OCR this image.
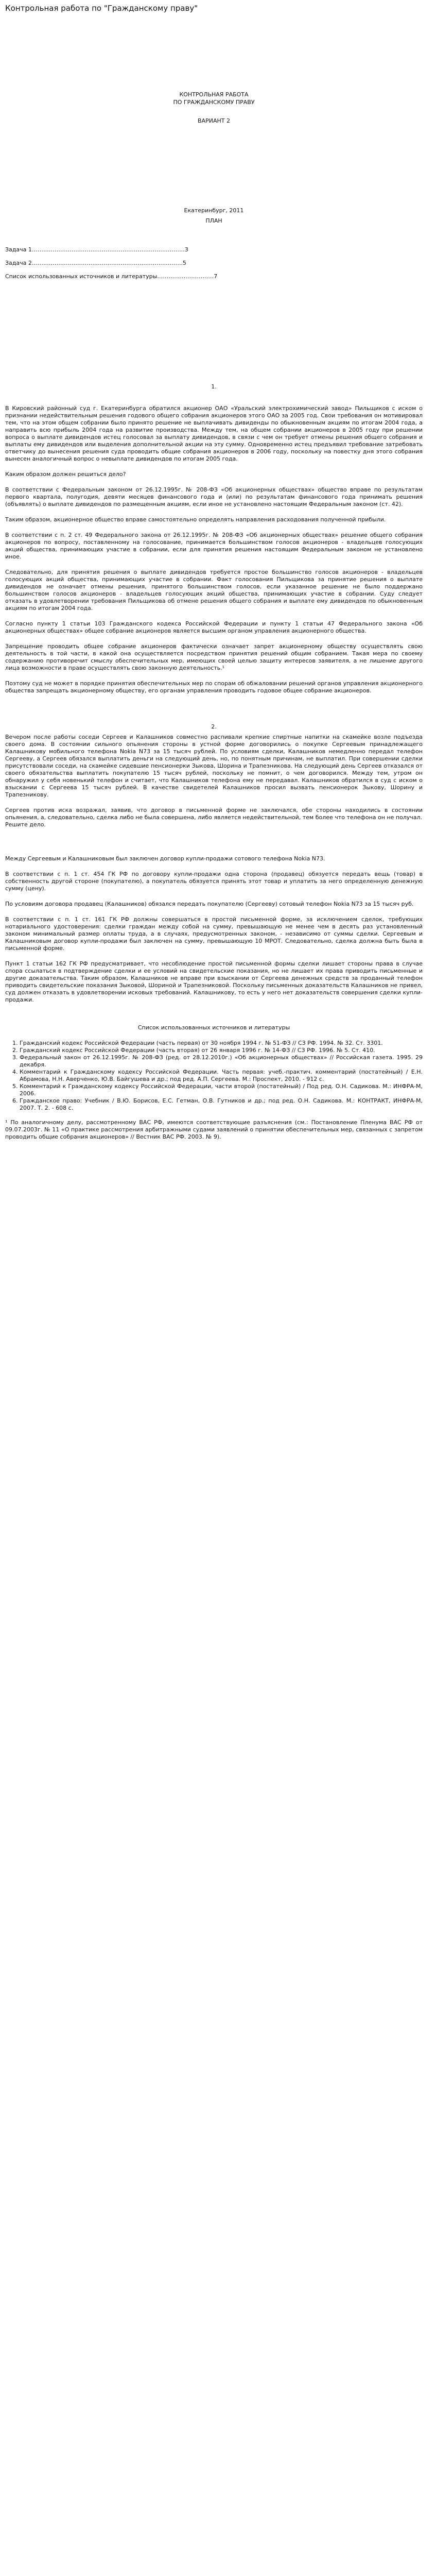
Контрольная работа по "Гражданскому праву"
КОНТРОЛЬНАЯ РАБОТА
ПО ГРАЖДАНСКОМУ ПРАВУ
ВАРИАНТ 2
Екатеринбург, 2011
ПЛАН
Задача 1………………………………………………………………………3
Задача 2……………………………………………………………………..5
Список использованных источников и литературы…………………………7
1.

В Кировский районный суд г. Екатеринбурга обратился акционер ОАО «Уральский электрохимический завод» Пильщиков с иском о признании недействительным решения годового общего собрания акционеров этого ОАО за 2005 год. Свои требования он мотивировал тем, что на этом общем собрании было принято решение не выплачивать дивиденды по обыкновенным акциям по итогам 2004 года, а направить всю прибыль 2004 года на развитие производства. Между тем, на общем собрании акционеров в 2005 году при решении вопроса о выплате дивидендов истец голосовал за выплату дивидендов, в связи с чем он требует отмены решения общего собрания и выплаты ему дивидендов или выделения дополнительной акции на эту сумму. Одновременно истец предъявил требование затребовать ответчику до вынесения решения суда проводить общие собрания акционеров в 2006 году, поскольку на повестку дня этого собрания вынесен аналогичный вопрос о невыплате дивидендов по итогам 2005 года.

Каким образом должен решиться дело?

В соответствии с Федеральным законом от 26.12.1995г. № 208-ФЗ «Об акционерных обществах» общество вправе по результатам первого квартала, полугодия, девяти месяцев финансового года и (или) по результатам финансового года принимать решения (объявлять) о выплате дивидендов по размещенным акциям, если иное не установлено настоящим Федеральным законом (ст. 42).

Таким образом, акционерное общество вправе самостоятельно определять направления расходования полученной прибыли.

В соответствии с п. 2 ст. 49 Федерального закона от 26.12.1995г. № 208-ФЗ «Об акционерных обществах» решение общего собрания акционеров по вопросу, поставленному на голосование, принимается большинством голосов акционеров - владельцев голосующих акций общества, принимающих участие в собрании, если для принятия решения настоящим Федеральным законом не установлено иное.

Следовательно, для принятия решения о выплате дивидендов требуется простое большинство голосов акционеров - владельцев голосующих акций общества, принимающих участие в собрании. Факт голосования Пильщикова за принятие решения о выплате дивидендов не означает отмены решения, принятого большинством голосов, если указанное решение не было поддержано большинством голосов акционеров - владельцев голосующих акций общества, принимающих участие в собрании. Суду следует отказать в удовлетворении требования Пильщикова об отмене решения общего собрания и выплате ему дивидендов по обыкновенным акциям по итогам 2004 года.

Согласно пункту 1 статьи 103 Гражданского кодекса Российской Федерации и пункту 1 статьи 47 Федерального закона «Об акционерных обществах» общее собрание акционеров является высшим органом управления акционерного общества.

Запрещение проводить общее собрание акционеров фактически означает запрет акционерному обществу осуществлять свою деятельность в той части, в какой она осуществляется посредством принятия решений общим собранием. Такая мера по своему содержанию противоречит смыслу обеспечительных мер, имеющих своей целью защиту интересов заявителя, а не лишение другого лица возможности в праве осуществлять свою законную деятельность.¹

Поэтому суд не может в порядке принятия обеспечительных мер по спорам об обжаловании решений органов управления акционерного общества запрещать акционерному обществу, его органам управления проводить годовое общее собрание акционеров.

2.

Вечером после работы соседи Сергеев и Калашников совместно распивали крепкие спиртные напитки на скамейке возле подъезда своего дома. В состоянии сильного опьянения стороны в устной форме договорились о покупке Сергеевым принадлежащего Калашникову мобильного телефона Nokia N73 за 15 тысяч рублей. По условиям сделки, Калашников немедленно передал телефон Сергееву, а Сергеев обязался выплатить деньги на следующий день, но, по понятным причинам, не выплатил. При совершении сделки присутствовали соседи, на скамейке сидевшие пенсионерки Зыкова, Шорина и Трапезникова. На следующий день Сергеев отказался от своего обязательства выплатить покупателю 15 тысяч рублей, поскольку не помнит, о чем договорился. Между тем, утром он обнаружил у себя новенький телефон и считает, что Калашников телефона ему не передавал. Калашников обратился в суд с иском о взыскании с Сергеева 15 тысяч рублей. В качестве свидетелей Калашников просил вызвать пенсионерок Зыкову, Шорину и Трапезникову.

Сергеев против иска возражал, заявив, что договор в письменной форме не заключался, обе стороны находились в состоянии опьянения, а, следовательно, сделка либо не была совершена, либо является недействительной, тем более что телефона он не получал.

Решите дело.

Между Сергеевым и Калашниковым был заключен договор купли-продажи сотового телефона Nokia N73.

В соответствии с п. 1 ст. 454 ГК РФ по договору купли-продажи одна сторона (продавец) обязуется передать вещь (товар) в собственность другой стороне (покупателю), а покупатель обязуется принять этот товар и уплатить за него определенную денежную сумму (цену).

По условиям договора продавец (Калашников) обязался передать покупателю (Сергееву) сотовый телефон Nokia N73 за 15 тысяч руб.

В соответствии с п. 1 ст. 161 ГК РФ должны совершаться в простой письменной форме, за исключением сделок, требующих нотариального удостоверения: сделки граждан между собой на сумму, превышающую не менее чем в десять раз установленный законом минимальный размер оплаты труда, а в случаях, предусмотренных законом, - независимо от суммы сделки. Сергеевым и Калашниковым договор купли-продажи был заключен на сумму, превышающую 10 МРОТ. Следовательно, сделка должна быть была в письменной форме.

Пункт 1 статьи 162 ГК РФ предусматривает, что несоблюдение простой письменной формы сделки лишает стороны права в случае спора ссылаться в подтверждение сделки и ее условий на свидетельские показания, но не лишает их права приводить письменные и другие доказательства. Таким образом, Калашников не вправе при взыскании от Сергеева денежных средств за проданный телефон приводить свидетельские показания Зыковой, Шориной и Трапезниковой. Поскольку письменных доказательств Калашников не привел, суд должен отказать в удовлетворении исковых требований. Калашникову, то есть у него нет доказательств совершения сделки купли-продажи.

Список использованных источников и литературы
1. Гражданский кодекс Российской Федерации (часть первая) от 30 ноября 1994 г. № 51-ФЗ // СЗ РФ. 1994. № 32. Ст. 3301.
2. Гражданский кодекс Российской Федерации (часть вторая) от 26 января 1996 г. № 14-ФЗ // СЗ РФ. 1996. № 5. Ст. 410.
3. Федеральный закон от 26.12.1995г. № 208-ФЗ (ред. от 28.12.2010г.) «Об акционерных обществах» // Российская газета. 1995. 29 декабря.
4. Комментарий к Гражданскому кодексу Российской Федерации. Часть первая: учеб.-практич. комментарий (постатейный) / Е.Н. Абрамова, Н.Н. Аверченко, Ю.В. Байгушева и др.; под ред. А.П. Сергеева. М.: Проспект, 2010. - 912 с.
5. Комментарий к Гражданскому кодексу Российской Федерации, части второй (постатейный) / Под ред. О.Н. Садикова. М.: ИНФРА-М, 2006.
6. Гражданское право: Учебник / В.Ю. Борисов, Е.С. Гетман, О.В. Гутников и др.; под ред. О.Н. Садикова. М.: КОНТРАКТ, ИНФРА-М, 2007. Т. 2. - 608 с.

¹ По аналогичному делу, рассмотренному ВАС РФ, имеются соответствующие разъяснения (см.: Постановление Пленума ВАС РФ от 09.07.2003г. № 11 «О практике рассмотрения арбитражными судами заявлений о принятии обеспечительных мер, связанных с запретом проводить общие собрания акционеров» // Вестник ВАС РФ. 2003. № 9).
